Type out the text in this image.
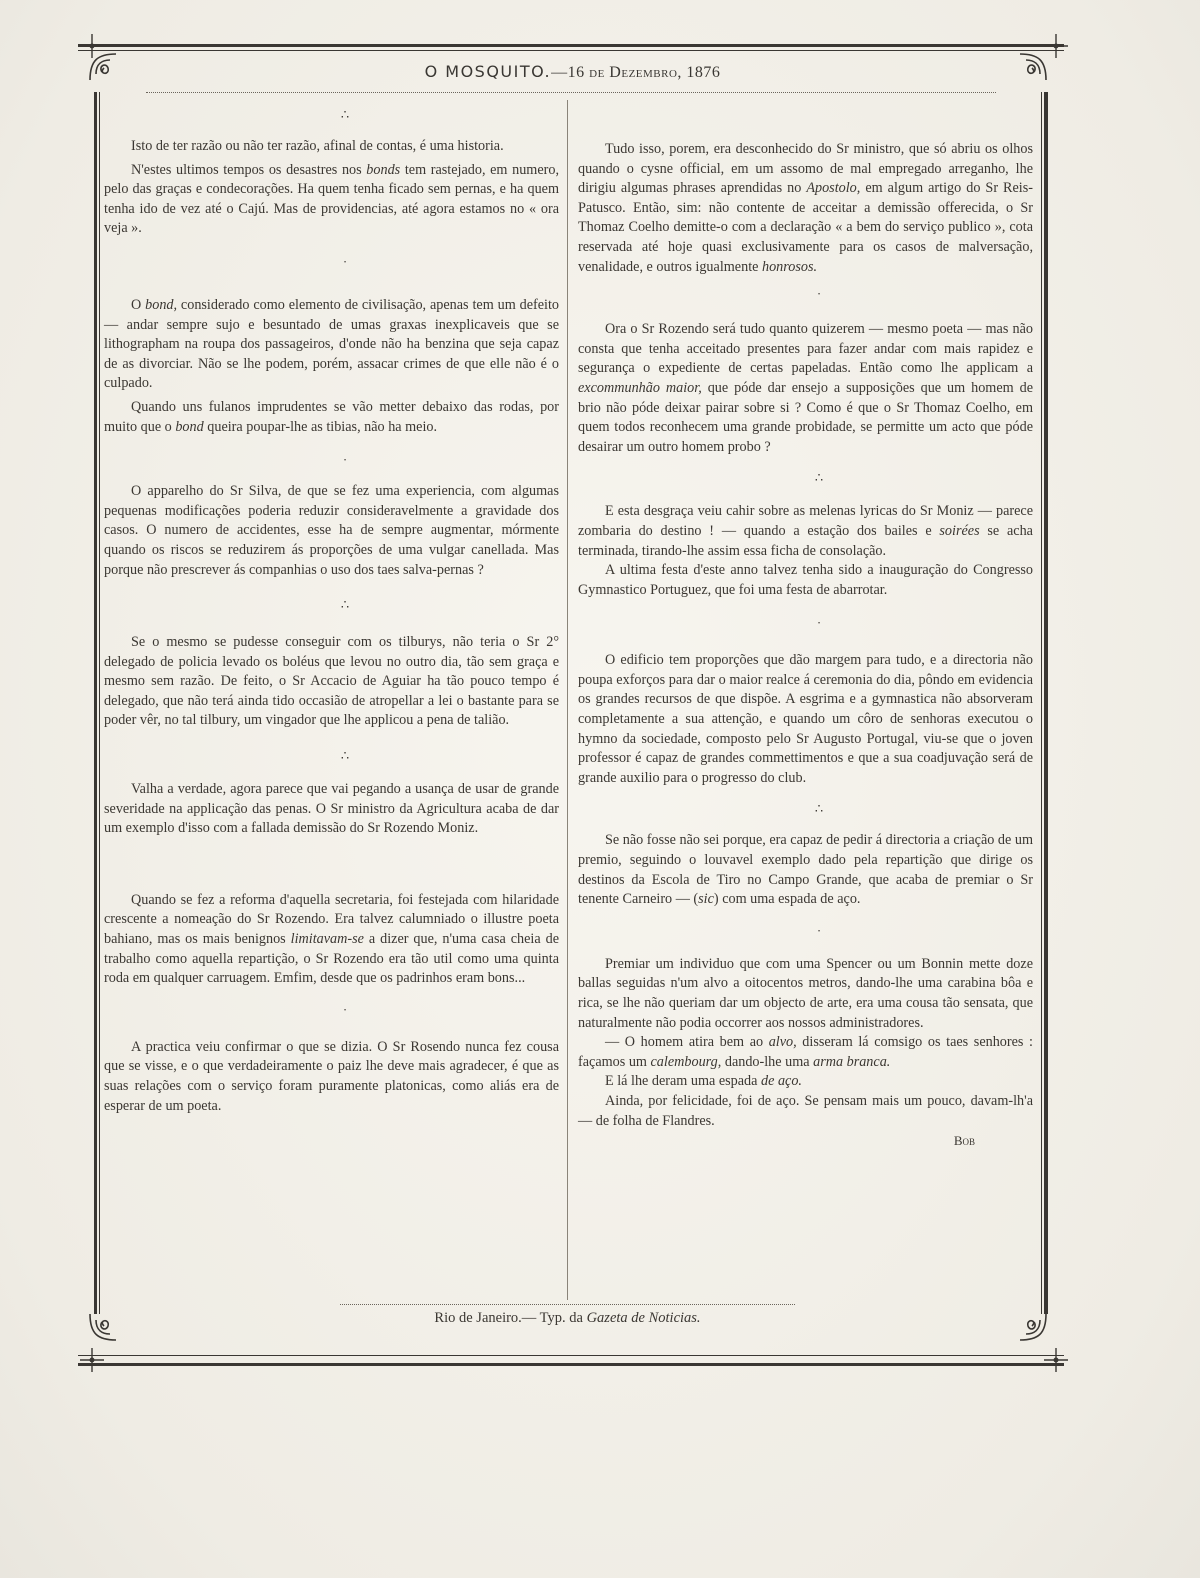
O MOSQUITO.—16 de Dezembro, 1876

∴

Isto de ter razão ou não ter razão, afinal de contas, é uma historia.

N'estes ultimos tempos os desastres nos bonds tem rastejado, em numero, pelo das graças e condecorações. Ha quem tenha ficado sem pernas, e ha quem tenha ido de vez até o Cajú. Mas de providencias, até agora estamos no « ora veja ».

·

O bond, considerado como elemento de civilisação, apenas tem um defeito — andar sempre sujo e besuntado de umas graxas inexplicaveis que se lithographam na roupa dos passageiros, d'onde não ha benzina que seja capaz de as divorciar. Não se lhe podem, porém, assacar crimes de que elle não é o culpado.

Quando uns fulanos imprudentes se vão metter debaixo das rodas, por muito que o bond queira poupar-lhe as tibias, não ha meio.

·

O apparelho do Sr Silva, de que se fez uma experiencia, com algumas pequenas modificações poderia reduzir consideravelmente a gravidade dos casos. O numero de accidentes, esse ha de sempre augmentar, mórmente quando os riscos se reduzirem ás proporções de uma vulgar canellada. Mas porque não prescrever ás companhias o uso dos taes salva-pernas ?

∴

Se o mesmo se pudesse conseguir com os tilburys, não teria o Sr 2° delegado de policia levado os boléus que levou no outro dia, tão sem graça e mesmo sem razão. De feito, o Sr Accacio de Aguiar ha tão pouco tempo é delegado, que não terá ainda tido occasião de atropellar a lei o bastante para se poder vêr, no tal tilbury, um vingador que lhe applicou a pena de talião.

∴

Valha a verdade, agora parece que vai pegando a usança de usar de grande severidade na applicação das penas. O Sr ministro da Agricultura acaba de dar um exemplo d'isso com a fallada demissão do Sr Rozendo Moniz.

Quando se fez a reforma d'aquella secretaria, foi festejada com hilaridade crescente a nomeação do Sr Rozendo. Era talvez calumniado o illustre poeta bahiano, mas os mais benignos limitavam-se a dizer que, n'uma casa cheia de trabalho como aquella repartição, o Sr Rozendo era tão util como uma quinta roda em qualquer carruagem. Emfim, desde que os padrinhos eram bons...

·

A practica veiu confirmar o que se dizia. O Sr Rosendo nunca fez cousa que se visse, e o que verdadeiramente o paiz lhe deve mais agradecer, é que as suas relações com o serviço foram puramente platonicas, como aliás era de esperar de um poeta.

Tudo isso, porem, era desconhecido do Sr ministro, que só abriu os olhos quando o cysne official, em um assomo de mal empregado arreganho, lhe dirigiu algumas phrases aprendidas no Apostolo, em algum artigo do Sr Reis-Patusco. Então, sim: não contente de acceitar a demissão offerecida, o Sr Thomaz Coelho demitte-o com a declaração « a bem do serviço publico », cota reservada até hoje quasi exclusivamente para os casos de malversação, venalidade, e outros igualmente honrosos.

·

Ora o Sr Rozendo será tudo quanto quizerem — mesmo poeta — mas não consta que tenha acceitado presentes para fazer andar com mais rapidez e segurança o expediente de certas papeladas. Então como lhe applicam a excommunhão maior, que póde dar ensejo a supposições que um homem de brio não póde deixar pairar sobre si ? Como é que o Sr Thomaz Coelho, em quem todos reconhecem uma grande probidade, se permitte um acto que póde desairar um outro homem probo ?

∴

E esta desgraça veiu cahir sobre as melenas lyricas do Sr Moniz — parece zombaria do destino ! — quando a estação dos bailes e soirées se acha terminada, tirando-lhe assim essa ficha de consolação.

A ultima festa d'este anno talvez tenha sido a inauguração do Congresso Gymnastico Portuguez, que foi uma festa de abarrotar.

·

O edificio tem proporções que dão margem para tudo, e a directoria não poupa exforços para dar o maior realce á ceremonia do dia, pôndo em evidencia os grandes recursos de que dispõe. A esgrima e a gymnastica não absorveram completamente a sua attenção, e quando um côro de senhoras executou o hymno da sociedade, composto pelo Sr Augusto Portugal, viu-se que o joven professor é capaz de grandes commettimentos e que a sua coadjuvação será de grande auxilio para o progresso do club.

∴

Se não fosse não sei porque, era capaz de pedir á directoria a criação de um premio, seguindo o louvavel exemplo dado pela repartição que dirige os destinos da Escola de Tiro no Campo Grande, que acaba de premiar o Sr tenente Carneiro — (sic) com uma espada de aço.

·

Premiar um individuo que com uma Spencer ou um Bonnin mette doze ballas seguidas n'um alvo a oitocentos metros, dando-lhe uma carabina bôa e rica, se lhe não queriam dar um objecto de arte, era uma cousa tão sensata, que naturalmente não podia occorrer aos nossos administradores.

— O homem atira bem ao alvo, disseram lá comsigo os taes senhores : façamos um calembourg, dando-lhe uma arma branca.

E lá lhe deram uma espada de aço.

Ainda, por felicidade, foi de aço. Se pensam mais um pouco, davam-lh'a — de folha de Flandres.

Bob

Rio de Janeiro.— Typ. da Gazeta de Noticias.
